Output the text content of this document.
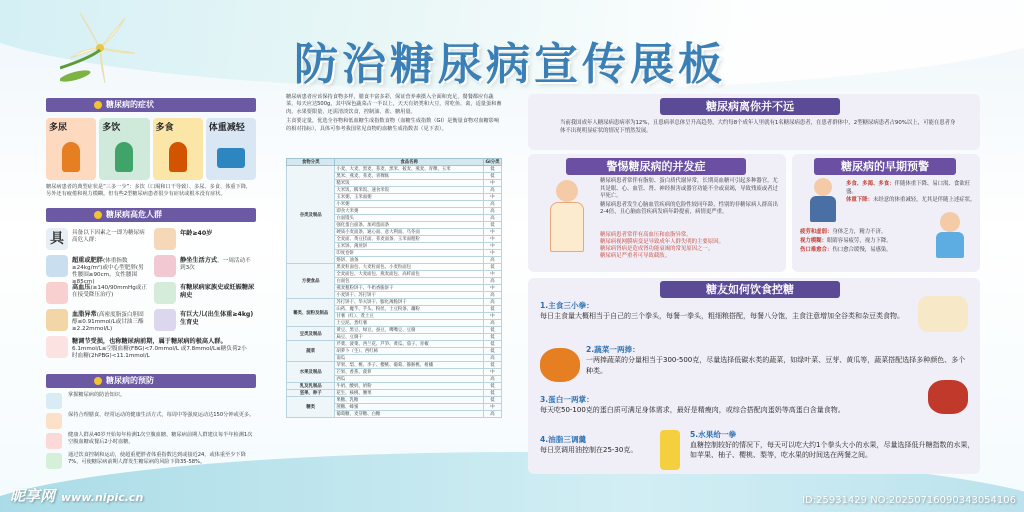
防治糖尿病宣传展板
糖尿病的症状
多尿	多饮	多食	体重减轻
糖尿病患者的典型症状是“三多一少”：多饮（口渴和口干导致）、多尿、多食、体重下降，另外还有疲倦和视力模糊。但有些2型糖尿病患者很少有症状或根本没有症状。
糖尿病高危人群
具	具备以下因素之一即为糖尿病高危人群：
年龄≥40岁
超重或肥胖(体重指数≥24kg/m²)或中心型肥胖(男性腰围≥90cm，女性腰围≥85cm)
静坐生活方式，一周活动不到3次
高血压(≥140/90mmHg或正在接受降压治疗)
有糖尿病家族史或妊娠糖尿病史
血脂异常(高密度脂蛋白胆固醇≤0.91mmol/L或甘油三酯≥2.22mmol/L)
有巨大儿(出生体重≥4kg)生育史
糖调节受损，也称糖尿病前期，属于糖尿病的极高人群。
6.1mmol/L≤空腹血糖(FBG)<7.0mmol/L 或7.8mmol/L≤糖负荷2小时血糖(2hPBG)<11.1mmol/L
糖尿病的预防
掌握糖尿病的防治知识。
保持合理膳食、经常运动的健康生活方式，每周中等强度运动达150分钟或更多。
健康人群从40岁开始每年检测1次空腹血糖，糖尿病前期人群建议每半年检测1次空腹血糖或餐后2小时血糖。
通过饮食控制和运动，使超重肥胖者体重指数达到或接近24，或体重至少下降7%，可使糖尿病前期人群发生糖尿病的风险下降35-58%。
糖尿病患者应该保持食物多样，膳食丰富多彩，保证营养素摄入全面和充足，餐餐都应有蔬菜，每天应达500g，其中深色蔬菜占一半以上，天天有奶类和大豆，常吃鱼、禽，适量蛋和畜肉，水果要限量，还需清淡饮食，控制油、盐、糖用量。
主食要定量，优选全谷物和低血糖生成指数食物（血糖生成指数（GI）是衡量食物对血糖影响的相对指标），具体可参考我国常见食物的血糖生成指数表（见下表）。
食物分类	食品名称	GI分类
谷类及制品	小麦、大麦、黑麦、荞麦、黑米、莜麦、燕麦、青稞、玉米	低
	黑米、燕麦、荞麦、青稞麸	低
	糙米饭	中
	大米饭、糯米饭、速食米饭	高
	玉米粥、玉米面粥	中
	小米粥	高
	即食大米粥	高
	白面馒头	高
	强化蛋白面条、加鸡蛋面条	低
	硬质小麦面条、通心面、意大利面、乌冬面	中
	全麦面、黄豆挂面、荞麦面条、玉米面粗粉	中
	玉米饼、薄煎饼	中
	印度卷饼	中
	烙饼、油条	高
方便食品	黑麦粒面包、大麦粒面包、小麦粒面包	低
	全麦面包、大麦面包、燕麦面包、高纤面包	中
	白面包	高
	燕麦粗粉饼干、牛奶香脆饼干	中
	小麦饼干、苏打饼干	高
薯类、淀粉及制品	苏打饼干、华夫饼干、膨化薄脆饼干	高
	山药、魔芋、芋头、粉丝、土豆粉条、藕粉	低
	甘薯（红）、煮土豆	中
	土豆泥、煮红薯	高
豆类及制品	黄豆、黑豆、绿豆、蚕豆、鹰嘴豆、豆腐	低
	扁豆、豆腐干	低
蔬菜	芹菜、菠菜、西兰花、芦笋、黄瓜、茄子、青椒	低
	胡萝卜（生）、西红柿	低
	南瓜	高
水果及制品	苹果、梨、桃、李子、樱桃、葡萄、猕猴桃、柑橘	低
	芒果、香蕉、菠萝	中
	西瓜	高
乳及乳制品	牛奶、酸奶、奶粉	低
坚果、种子	花生、核桃、腰果	低
糖类	果糖、乳糖	低
	蔗糖、蜂蜜	中
	葡萄糖、麦芽糖、白糖	高
糖尿病离你并不远
当前我国成年人糖尿病患病率为12%，且患病率总体呈升高趋势，大约每8个成年人里就有1名糖尿病患者，在患者群体中，2型糖尿病患者占90%以上，可能在患者身体不出现明显症状的情况下悄然发展。
警惕糖尿病的并发症
糖尿病患者常伴有脂肪、蛋白质代谢异常，长期高血糖可引起多种器官，尤其是眼、心、血管、肾、神经损害或器官功能不全或衰竭，导致残废或者过早死亡。
糖尿病患者发生心脑血管疾病的危险性较同年龄、性别的非糖尿病人群高出2-4倍，且心脑血管疾病发病年龄提前，病情更严重。
糖尿病患者常伴有高血压和血脂异常。
糖尿病视网膜病变是导致成年人群失明的主要原因。
糖尿病肾病是造成肾功能衰竭的常见原因之一。
糖尿病足严重者可导致截肢。
糖尿病的早期预警
多食、多渴、多食：伴随体重下降、易口渴、食欲旺盛。
体重下降：未经意的体重减轻，尤其是伴随上述症状。
疲劳和虚弱：身体乏力，精力不济。
视力模糊：眼睛容易疲劳，视力下降。
伤口难愈合：伤口愈合缓慢，易感染。
糖友如何饮食控糖
1.主食三小拳：
每日主食量大概相当于自己的三个拳头，每餐一拳头，粗细粮搭配，每餐八分饱，主食注意增加全谷类和杂豆类食物。
2.蔬菜一两捧：
一两捧蔬菜的分量相当于300-500克，尽量选择低碳水类的蔬菜，如绿叶菜、豆芽、黄瓜等，蔬菜搭配选择多种颜色、多个种类。
3.蛋白一两掌：
每天吃50-100克的蛋白质可满足身体需求，最好是精瘦肉，或综合搭配肉蛋奶等高蛋白含量食物。
4.油脂三调羹
每日烹调用油控制在25-30克。
5.水果给一拳
血糖控制较好的情况下，每天可以吃大约1个拳头大小的水果，尽量选择低升糖指数的水果，如苹果、柚子、樱桃、梨等，吃水果的时间选在两餐之间。
昵享网 www.nipic.cn	ID:25931429 NO:20250716090343054106
